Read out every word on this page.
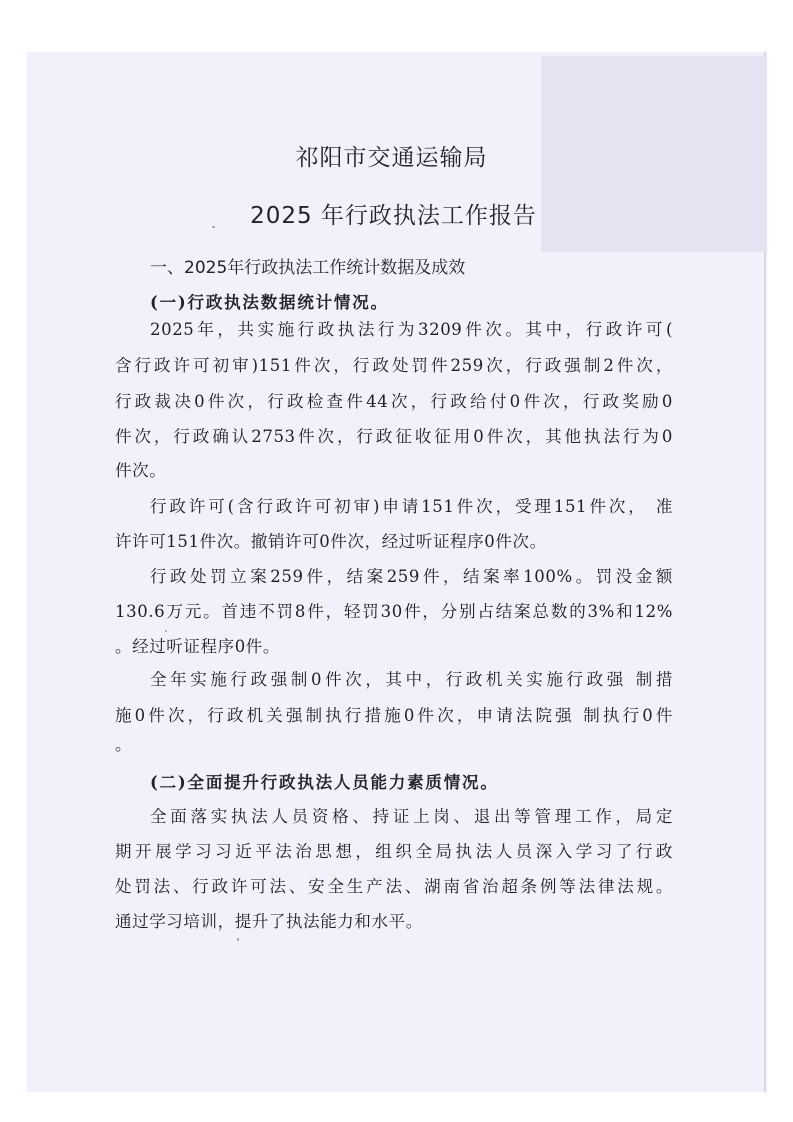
祁阳市交通运输局
2025 年行政执法工作报告
一、2025年行政执法工作统计数据及成效
(一)行政执法数据统计情况。
2025年，共实施行政执法行为3209件次。其中，行政许可(
含行政许可初审)151件次，行政处罚件259次，行政强制2件次，
行政裁决0件次，行政检查件44次，行政给付0件次，行政奖励0
件次，行政确认2753件次，行政征收征用0件次，其他执法行为0
件次。
行政许可(含行政许可初审)申请151件次，受理151件次， 准
许许可151件次。撤销许可0件次，经过听证程序0件次。
行政处罚立案259件，结案259件，结案率100%。罚没金额
130.6万元。首违不罚8件，轻罚30件，分别占结案总数的3%和12%
。经过听证程序0件。
全年实施行政强制0件次，其中，行政机关实施行政强 制措
施0件次，行政机关强制执行措施0件次，申请法院强 制执行0件
。
(二)全面提升行政执法人员能力素质情况。
全面落实执法人员资格、持证上岗、退出等管理工作，局定
期开展学习习近平法治思想，组织全局执法人员深入学习了行政
处罚法、行政许可法、安全生产法、湖南省治超条例等法律法规。
通过学习培训，提升了执法能力和水平。
